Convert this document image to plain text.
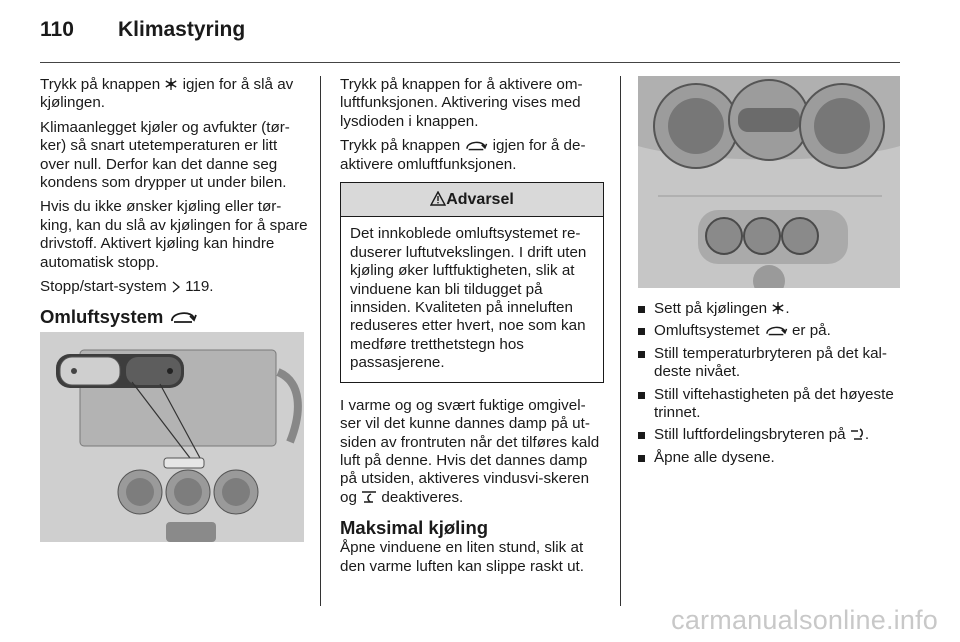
110 Klimastyring

Trykk på knappen igjen for å slå av kjølingen.

Klimaanlegget kjøler og avfukter (tør-ker) så snart utetemperaturen er litt over null. Derfor kan det danne seg kondens som drypper ut under bilen.

Hvis du ikke ønsker kjøling eller tør-king, kan du slå av kjølingen for å spare drivstoff. Aktivert kjøling kan hindre automatisk stopp.

Stopp/start-system 119.

Omluftsystem

Trykk på knappen for å aktivere om-luftfunksjonen. Aktivering vises med lysdioden i knappen.

Trykk på knappen igjen for å de-aktivere omluftfunksjonen.

Advarsel
Det innkoblede omluftsystemet re-duserer luftutvekslingen. I drift uten kjøling øker luftfuktigheten, slik at vinduene kan bli tildugget på innsiden. Kvaliteten på inneluften reduseres etter hvert, noe som kan medføre tretthetstegn hos passasjerene.

I varme og og svært fuktige omgivel-ser vil det kunne dannes damp på ut-siden av frontruten når det tilføres kald luft på denne. Hvis det dannes damp på utsiden, aktiveres vindusvi-skeren og deaktiveres.

Maksimal kjøling

Åpne vinduene en liten stund, slik at den varme luften kan slippe raskt ut.

Sett på kjølingen .
Omluftsystemet er på.
Still temperaturbryteren på det kal-deste nivået.
Still viftehastigheten på det høyeste trinnet.
Still luftfordelingsbryteren på .
Åpne alle dysene.
carmanualsonline.info
